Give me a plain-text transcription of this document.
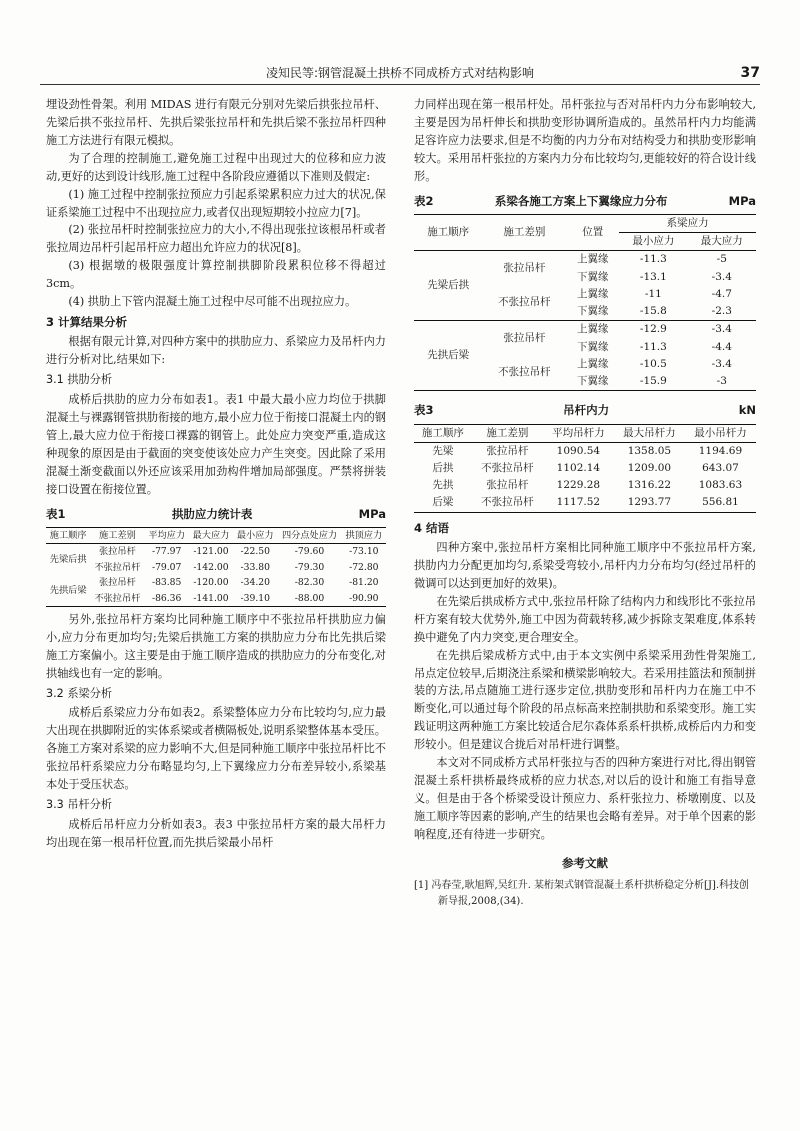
凌知民等:钢管混凝土拱桥不同成桥方式对结构影响	37

埋设劲性骨架。利用 MIDAS 进行有限元分别对先梁后拱张拉吊杆、先梁后拱不张拉吊杆、先拱后梁张拉吊杆和先拱后梁不张拉吊杆四种施工方法进行有限元模拟。

为了合理的控制施工,避免施工过程中出现过大的位移和应力波动,更好的达到设计线形,施工过程中各阶段应遵循以下准则及假定:

(1) 施工过程中控制张拉预应力引起系梁累积应力过大的状况,保证系梁施工过程中不出现拉应力,或者仅出现短期较小拉应力[7]。

(2) 张拉吊杆时控制张拉应力的大小,不得出现张拉该根吊杆或者张拉周边吊杆引起吊杆应力超出允许应力的状况[8]。

(3) 根据墩的极限强度计算控制拱脚阶段累积位移不得超过 3cm。

(4) 拱肋上下管内混凝土施工过程中尽可能不出现拉应力。

3 计算结果分析

根据有限元计算,对四种方案中的拱肋应力、系梁应力及吊杆内力进行分析对比,结果如下:

3.1 拱肋分析

成桥后拱肋的应力分布如表1。表1 中最大最小应力均位于拱脚混凝土与裸露钢管拱肋衔接的地方,最小应力位于衔接口混凝土内的钢管上,最大应力位于衔接口裸露的钢管上。此处应力突变严重,造成这种现象的原因是由于截面的突变使该处应力产生突变。因此除了采用混凝土渐变截面以外还应该采用加劲构件增加局部强度。严禁将拼装接口设置在衔接位置。

表1	拱肋应力统计表	MPa
施工顺序	施工差别	平均应力	最大应力	最小应力	四分点处应力	拱顶应力
先梁后拱	张拉吊杆	-77.97	-121.00	-22.50	-79.60	-73.10
	不张拉吊杆	-79.07	-142.00	-33.80	-79.30	-72.80
先拱后梁	张拉吊杆	-83.85	-120.00	-34.20	-82.30	-81.20
	不张拉吊杆	-86.36	-141.00	-39.10	-88.00	-90.90

另外,张拉吊杆方案均比同种施工顺序中不张拉吊杆拱肋应力偏小,应力分布更加均匀;先梁后拱施工方案的拱肋应力分布比先拱后梁施工方案偏小。这主要是由于施工顺序造成的拱肋应力的分布变化,对拱轴线也有一定的影响。

3.2 系梁分析

成桥后系梁应力分布如表2。系梁整体应力分布比较均匀,应力最大出现在拱脚附近的实体系梁或者横隔板处,说明系梁整体基本受压。各施工方案对系梁的应力影响不大,但是同种施工顺序中张拉吊杆比不张拉吊杆系梁应力分布略显均匀,上下翼缘应力分布差异较小,系梁基本处于受压状态。

3.3 吊杆分析

成桥后吊杆应力分析如表3。表3 中张拉吊杆方案的最大吊杆力均出现在第一根吊杆位置,而先拱后梁最小吊杆

力同样出现在第一根吊杆处。吊杆张拉与否对吊杆内力分布影响较大,主要是因为吊杆伸长和拱肋变形协调所造成的。虽然吊杆内力均能满足容许应力法要求,但是不均衡的内力分布对结构受力和拱肋变形影响较大。采用吊杆张拉的方案内力分布比较均匀,更能较好的符合设计线形。

表2	系梁各施工方案上下翼缘应力分布	MPa
施工顺序	施工差别	位置	系梁应力	
			最小应力	最大应力
先梁后拱	张拉吊杆	上翼缘	-11.3	-5
		下翼缘	-13.1	-3.4
	不张拉吊杆	上翼缘	-11	-4.7
		下翼缘	-15.8	-2.3
先拱后梁	张拉吊杆	上翼缘	-12.9	-3.4
		下翼缘	-11.3	-4.4
	不张拉吊杆	上翼缘	-10.5	-3.4
		下翼缘	-15.9	-3
表3	吊杆内力	kN
施工顺序	施工差别	平均吊杆力	最大吊杆力	最小吊杆力
先梁	张拉吊杆	1090.54	1358.05	1194.69
后拱	不张拉吊杆	1102.14	1209.00	643.07
先拱	张拉吊杆	1229.28	1316.22	1083.63
后梁	不张拉吊杆	1117.52	1293.77	556.81
4 结语

四种方案中,张拉吊杆方案相比同种施工顺序中不张拉吊杆方案,拱肋内力分配更加均匀,系梁受弯较小,吊杆内力分布均匀(经过吊杆的微调可以达到更加好的效果)。

在先梁后拱成桥方式中,张拉吊杆除了结构内力和线形比不张拉吊杆方案有较大优势外,施工中因为荷载转移,减少拆除支架难度,体系转换中避免了内力突变,更合理安全。

在先拱后梁成桥方式中,由于本文实例中系梁采用劲性骨架施工,吊点定位较早,后期浇注系梁和横梁影响较大。若采用挂篮法和预制拼装的方法,吊点随施工进行逐步定位,拱肋变形和吊杆内力在施工中不断变化,可以通过每个阶段的吊点标高来控制拱肋和系梁变形。施工实践证明这两种施工方案比较适合尼尔森体系系杆拱桥,成桥后内力和变形较小。但是建议合拢后对吊杆进行调整。

本文对不同成桥方式吊杆张拉与否的四种方案进行对比,得出钢管混凝土系杆拱桥最终成桥的应力状态,对以后的设计和施工有指导意义。但是由于各个桥梁受设计预应力、系杆张拉力、桥墩刚度、以及施工顺序等因素的影响,产生的结果也会略有差异。对于单个因素的影响程度,还有待进一步研究。

参考文献

[1] 冯春莹,耿旭辉,吴红升. 某桁架式钢管混凝土系杆拱桥稳定分析[J].科技创新导报,2008,(34).
